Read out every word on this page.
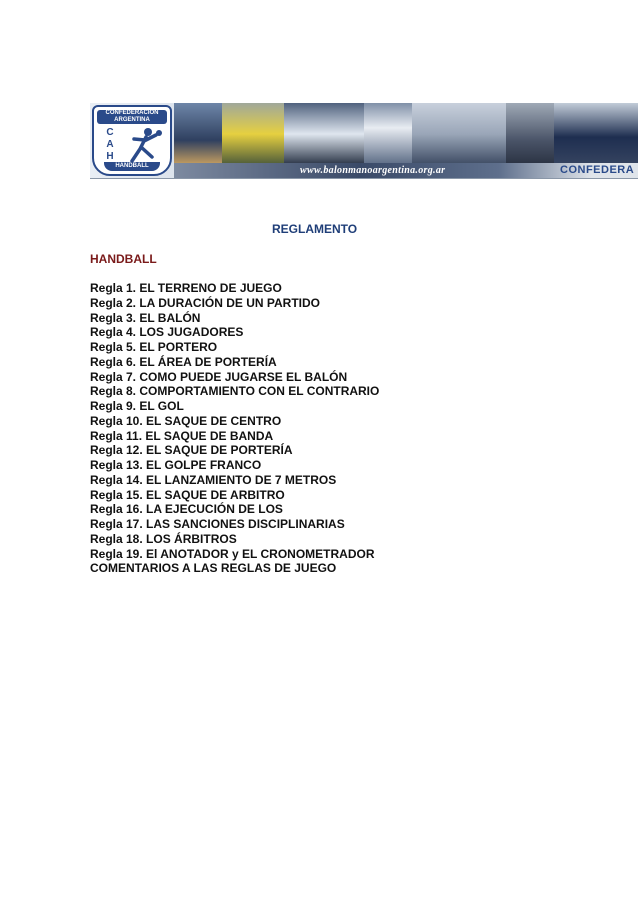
CONFEDERACIÓN ARGENTINA
C
A
H
HANDBALL	www.balonmanoargentina.org.ar	CONFEDERA
REGLAMENTO
HANDBALL
Regla 1. EL TERRENO DE JUEGO
Regla 2. LA DURACIÓN DE UN PARTIDO
Regla 3. EL BALÓN
Regla 4. LOS JUGADORES
Regla 5. EL PORTERO
Regla 6. EL ÁREA DE PORTERÍA
Regla 7. COMO PUEDE JUGARSE EL BALÓN
Regla 8. COMPORTAMIENTO CON EL CONTRARIO
Regla 9. EL GOL
Regla 10. EL SAQUE DE CENTRO
Regla 11. EL SAQUE DE BANDA
Regla 12. EL SAQUE DE PORTERÍA
Regla 13. EL GOLPE FRANCO
Regla 14. EL LANZAMIENTO DE 7 METROS
Regla 15. EL SAQUE DE ARBITRO
Regla 16. LA EJECUCIÓN DE LOS
Regla 17. LAS SANCIONES DISCIPLINARIAS
Regla 18. LOS ÁRBITROS
Regla 19. El ANOTADOR y EL CRONOMETRADOR
COMENTARIOS A LAS REGLAS DE JUEGO
